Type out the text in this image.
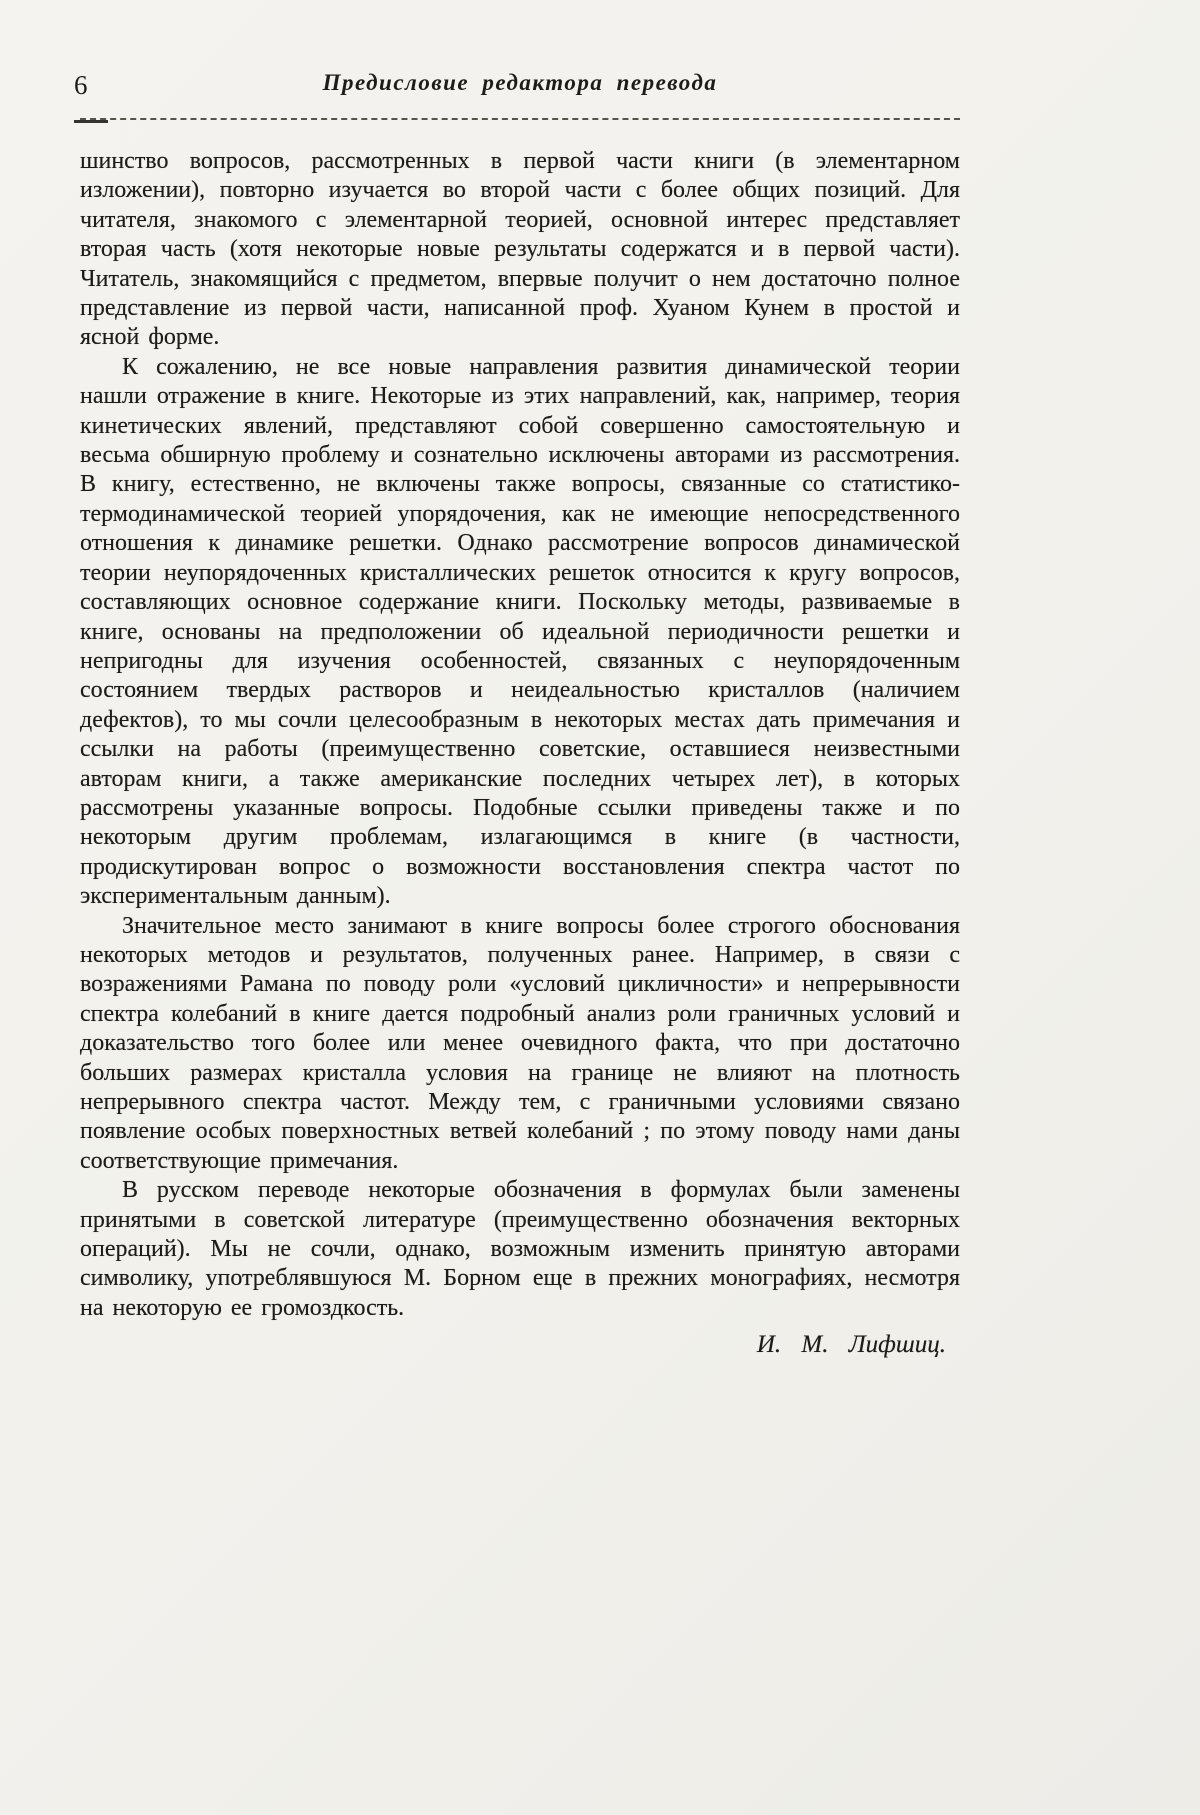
6	Предисловие редактора перевода

шинство вопросов, рассмотренных в первой части книги (в элементарном изложении), повторно изучается во второй части с более общих позиций. Для читателя, знакомого с элементарной теорией, основной интерес представляет вторая часть (хотя некоторые новые результаты содержатся и в первой части). Читатель, знакомящийся с предметом, впервые получит о нем достаточно полное представление из первой части, написанной проф. Хуаном Кунем в простой и ясной форме.

К сожалению, не все новые направления развития динамической теории нашли отражение в книге. Некоторые из этих направлений, как, например, теория кинетических явлений, представляют собой совершенно самостоятельную и весьма обширную проблему и сознательно исключены авторами из рассмотрения. В книгу, естественно, не включены также вопросы, связанные со статистико-термодинамической теорией упорядочения, как не имеющие непосредственного отношения к динамике решетки. Однако рассмотрение вопросов динамической теории неупорядоченных кристаллических решеток относится к кругу вопросов, составляющих основное содержание книги. Поскольку методы, развиваемые в книге, основаны на предположении об идеальной периодичности решетки и непригодны для изучения особенностей, связанных с неупорядоченным состоянием твердых растворов и неидеальностью кристаллов (наличием дефектов), то мы сочли целесообразным в некоторых местах дать примечания и ссылки на работы (преимущественно советские, оставшиеся неизвестными авторам книги, а также американские последних четырех лет), в которых рассмотрены указанные вопросы. Подобные ссылки приведены также и по некоторым другим проблемам, излагающимся в книге (в частности, продискутирован вопрос о возможности восстановления спектра частот по экспериментальным данным).

Значительное место занимают в книге вопросы более строгого обоснования некоторых методов и результатов, полученных ранее. Например, в связи с возражениями Рамана по поводу роли «условий цикличности» и непрерывности спектра колебаний в книге дается подробный анализ роли граничных условий и доказательство того более или менее очевидного факта, что при достаточно больших размерах кристалла условия на границе не влияют на плотность непрерывного спектра частот. Между тем, с граничными условиями связано появление особых поверхностных ветвей колебаний ; по этому поводу нами даны соответствующие примечания.

В русском переводе некоторые обозначения в формулах были заменены принятыми в советской литературе (преимущественно обозначения векторных операций). Мы не сочли, однако, возможным изменить принятую авторами символику, употреблявшуюся М. Борном еще в прежних монографиях, несмотря на некоторую ее громоздкость.

И. М. Лифшиц.
